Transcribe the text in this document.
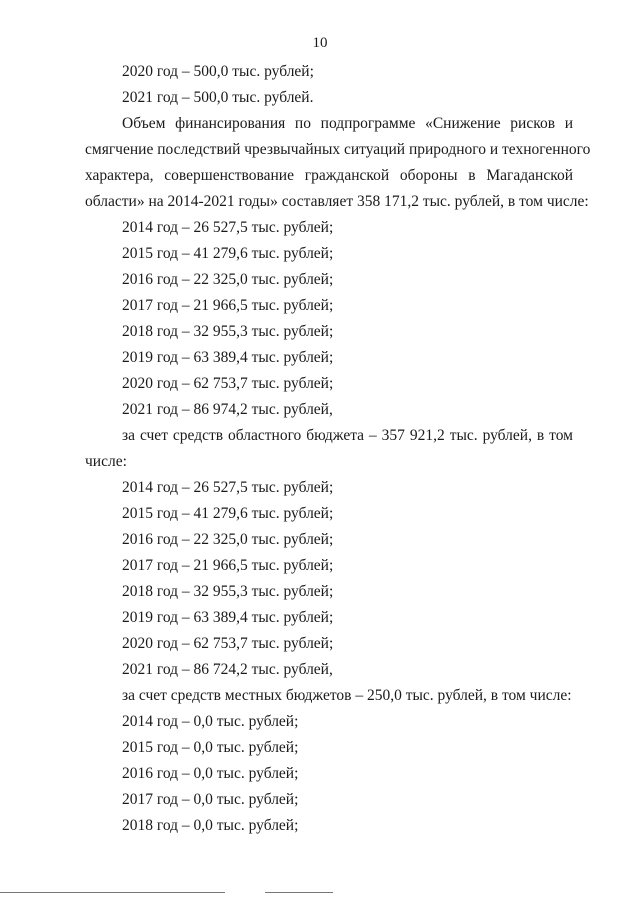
10
2020 год – 500,0 тыс. рублей;
2021 год – 500,0 тыс. рублей.
Объем финансирования по подпрограмме «Снижение рисков и
смягчение последствий чрезвычайных ситуаций природного и техногенного
характера, совершенствование гражданской обороны в Магаданской
области» на 2014-2021 годы» составляет 358 171,2 тыс. рублей, в том числе:
2014 год – 26 527,5 тыс. рублей;
2015 год – 41 279,6 тыс. рублей;
2016 год – 22 325,0 тыс. рублей;
2017 год – 21 966,5 тыс. рублей;
2018 год – 32 955,3 тыс. рублей;
2019 год – 63 389,4 тыс. рублей;
2020 год – 62 753,7 тыс. рублей;
2021 год – 86 974,2 тыс. рублей,
за счет средств областного бюджета – 357 921,2 тыс. рублей, в том
числе:
2014 год – 26 527,5 тыс. рублей;
2015 год – 41 279,6 тыс. рублей;
2016 год – 22 325,0 тыс. рублей;
2017 год – 21 966,5 тыс. рублей;
2018 год – 32 955,3 тыс. рублей;
2019 год – 63 389,4 тыс. рублей;
2020 год – 62 753,7 тыс. рублей;
2021 год – 86 724,2 тыс. рублей,
за счет средств местных бюджетов – 250,0 тыс. рублей, в том числе:
2014 год – 0,0 тыс. рублей;
2015 год – 0,0 тыс. рублей;
2016 год – 0,0 тыс. рублей;
2017 год – 0,0 тыс. рублей;
2018 год – 0,0 тыс. рублей;
